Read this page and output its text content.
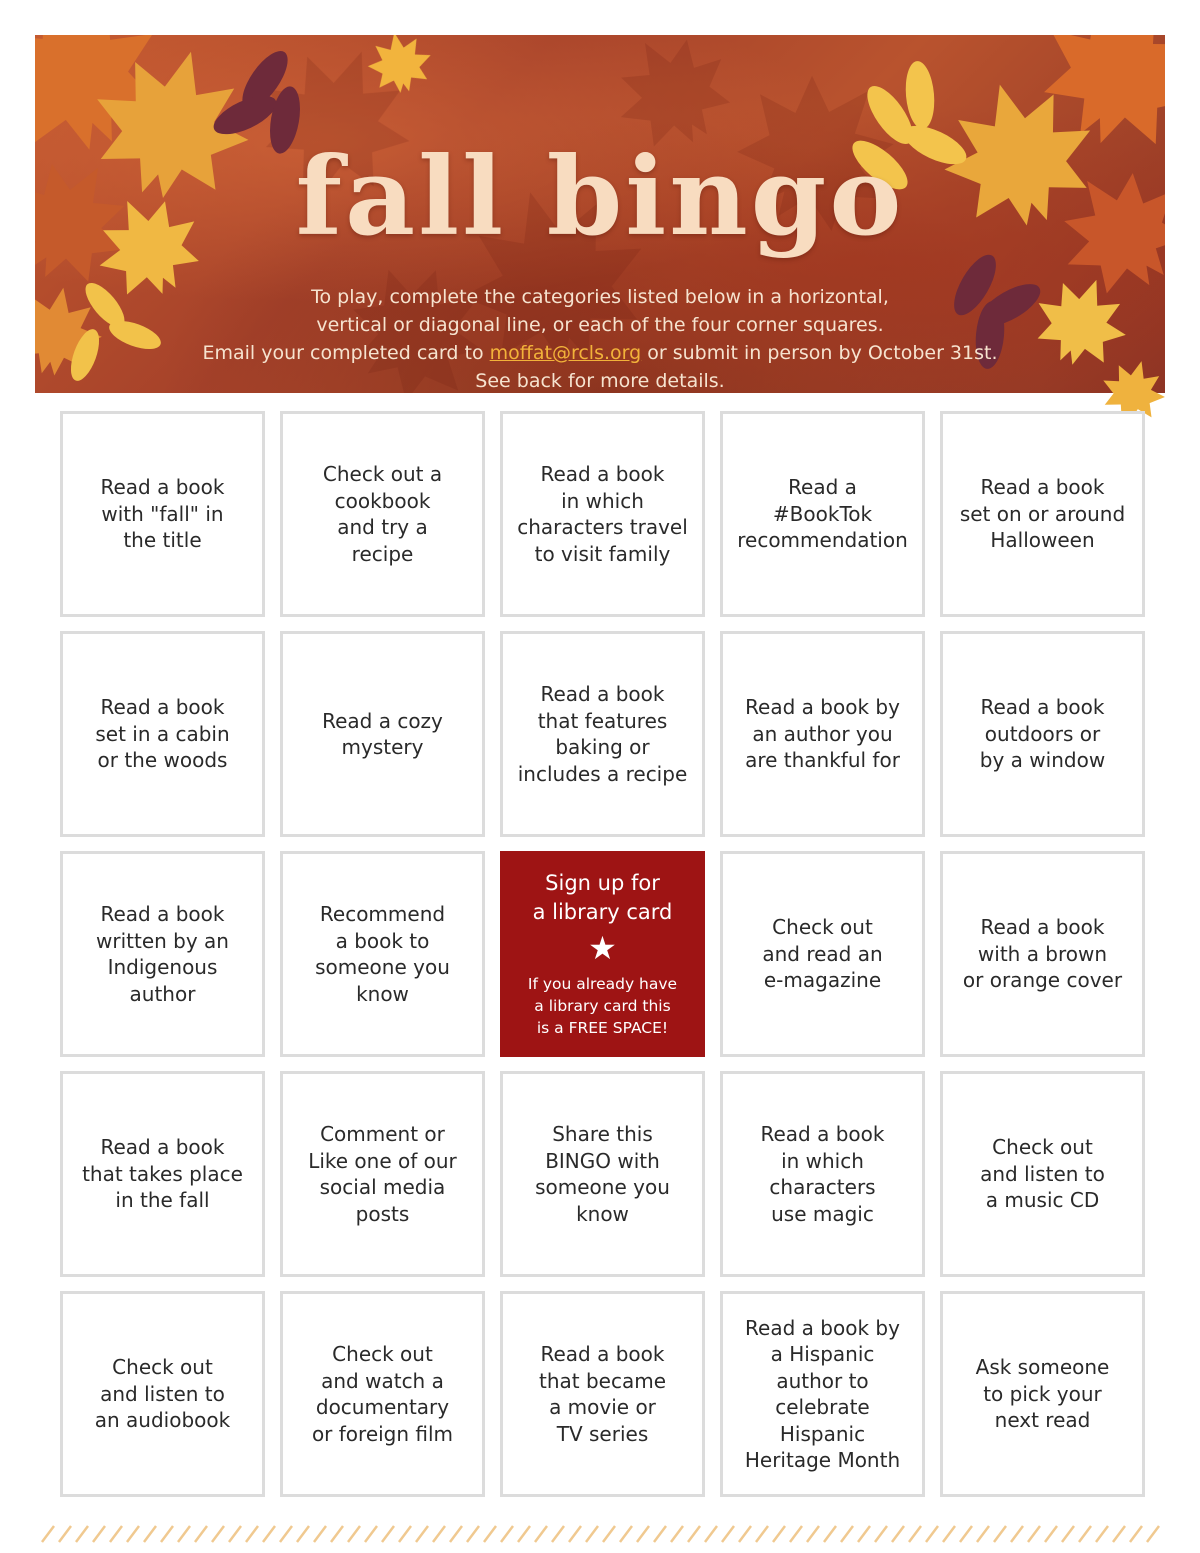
fall bingo
To play, complete the categories listed below in a horizontal,
vertical or diagonal line, or each of the four corner squares.
Email your completed card to moffat@rcls.org or submit in person by October 31st.
See back for more details.
Read a book
with "fall" in
the title
Check out a
cookbook
and try a
recipe
Read a book
in which
characters travel
to visit family
Read a
#BookTok
recommendation
Read a book
set on or around
Halloween
Read a book
set in a cabin
or the woods
Read a cozy
mystery
Read a book
that features
baking or
includes a recipe
Read a book by
an author you
are thankful for
Read a book
outdoors or
by a window
Read a book
written by an
Indigenous
author
Recommend
a book to
someone you
know
Sign up for
a library card
★
If you already have
a library card this
is a FREE SPACE!
Check out
and read an
e-magazine
Read a book
with a brown
or orange cover
Read a book
that takes place
in the fall
Comment or
Like one of our
social media
posts
Share this
BINGO with
someone you
know
Read a book
in which
characters
use magic
Check out
and listen to
a music CD
Check out
and listen to
an audiobook
Check out
and watch a
documentary
or foreign film
Read a book
that became
a movie or
TV series
Read a book by
a Hispanic
author to
celebrate
Hispanic
Heritage Month
Ask someone
to pick your
next read
